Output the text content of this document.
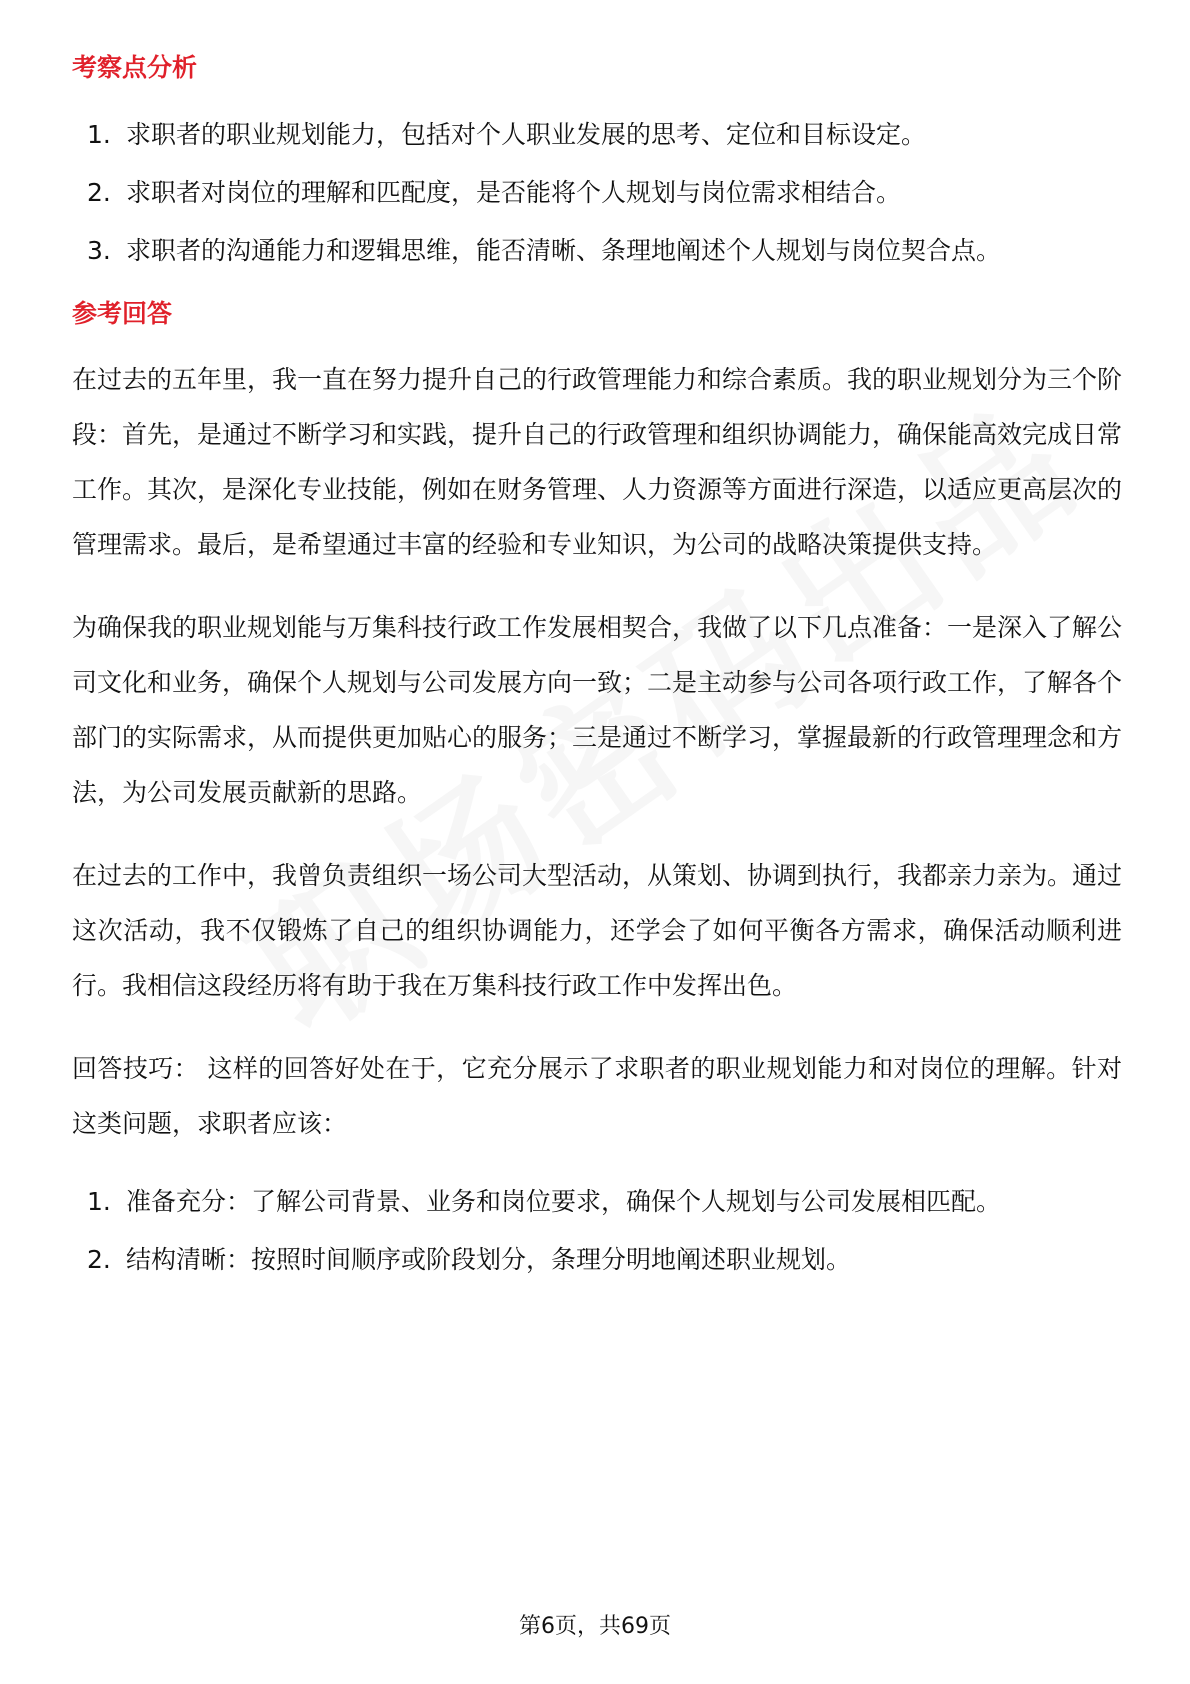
考察点分析
1. 求职者的职业规划能力，包括对个人职业发展的思考、定位和目标设定。
2. 求职者对岗位的理解和匹配度，是否能将个人规划与岗位需求相结合。
3. 求职者的沟通能力和逻辑思维，能否清晰、条理地阐述个人规划与岗位契合点。
参考回答

在过去的五年里，我一直在努力提升自己的行政管理能力和综合素质。我的职业规划分为三个阶段：首先，是通过不断学习和实践，提升自己的行政管理和组织协调能力，确保能高效完成日常工作。其次，是深化专业技能，例如在财务管理、人力资源等方面进行深造，以适应更高层次的管理需求。最后，是希望通过丰富的经验和专业知识，为公司的战略决策提供支持。

为确保我的职业规划能与万集科技行政工作发展相契合，我做了以下几点准备：一是深入了解公司文化和业务，确保个人规划与公司发展方向一致；二是主动参与公司各项行政工作，了解各个部门的实际需求，从而提供更加贴心的服务；三是通过不断学习，掌握最新的行政管理理念和方法，为公司发展贡献新的思路。

在过去的工作中，我曾负责组织一场公司大型活动，从策划、协调到执行，我都亲力亲为。通过这次活动，我不仅锻炼了自己的组织协调能力，还学会了如何平衡各方需求，确保活动顺利进行。我相信这段经历将有助于我在万集科技行政工作中发挥出色。

回答技巧： 这样的回答好处在于，它充分展示了求职者的职业规划能力和对岗位的理解。针对这类问题，求职者应该：

1. 准备充分：了解公司背景、业务和岗位要求，确保个人规划与公司发展相匹配。
2. 结构清晰：按照时间顺序或阶段划分，条理分明地阐述职业规划。
第6页，共69页
